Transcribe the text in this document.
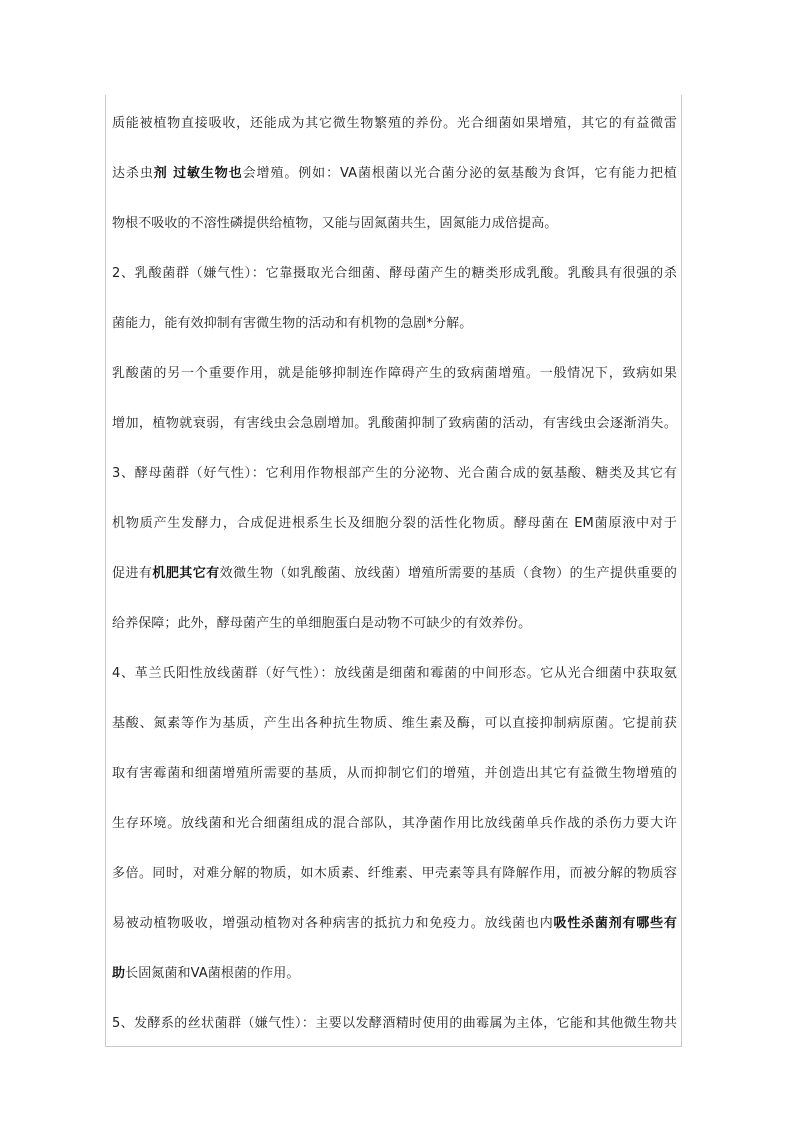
质能被植物直接吸收，还能成为其它微生物繁殖的养份。光合细菌如果增殖，其它的有益微雷
达杀虫剂 过敏生物也会增殖。例如：VA菌根菌以光合菌分泌的氨基酸为食饵，它有能力把植
物根不吸收的不溶性磷提供给植物，又能与固氮菌共生，固氮能力成倍提高。
2、乳酸菌群（嫌气性）：它靠摄取光合细菌、酵母菌产生的糖类形成乳酸。乳酸具有很强的杀
菌能力，能有效抑制有害微生物的活动和有机物的急剧*分解。
乳酸菌的另一个重要作用，就是能够抑制连作障碍产生的致病菌增殖。一般情况下，致病如果
增加，植物就衰弱，有害线虫会急剧增加。乳酸菌抑制了致病菌的活动，有害线虫会逐渐消失。
3、酵母菌群（好气性）：它利用作物根部产生的分泌物、光合菌合成的氨基酸、糖类及其它有
机物质产生发酵力，合成促进根系生长及细胞分裂的活性化物质。酵母菌在 EM菌原液中对于
促进有机肥其它有效微生物（如乳酸菌、放线菌）增殖所需要的基质（食物）的生产提供重要的
给养保障；此外，酵母菌产生的单细胞蛋白是动物不可缺少的有效养份。
4、革兰氏阳性放线菌群（好气性）：放线菌是细菌和霉菌的中间形态。它从光合细菌中获取氨
基酸、氮素等作为基质，产生出各种抗生物质、维生素及酶，可以直接抑制病原菌。它提前获
取有害霉菌和细菌增殖所需要的基质，从而抑制它们的增殖，并创造出其它有益微生物增殖的
生存环境。放线菌和光合细菌组成的混合部队，其净菌作用比放线菌单兵作战的杀伤力要大许
多倍。同时，对难分解的物质，如木质素、纤维素、甲壳素等具有降解作用，而被分解的物质容
易被动植物吸收，增强动植物对各种病害的抵抗力和免疫力。放线菌也内吸性杀菌剂有哪些有
助长固氮菌和VA菌根菌的作用。
5、发酵系的丝状菌群（嫌气性）：主要以发酵酒精时使用的曲霉属为主体，它能和其他微生物共
